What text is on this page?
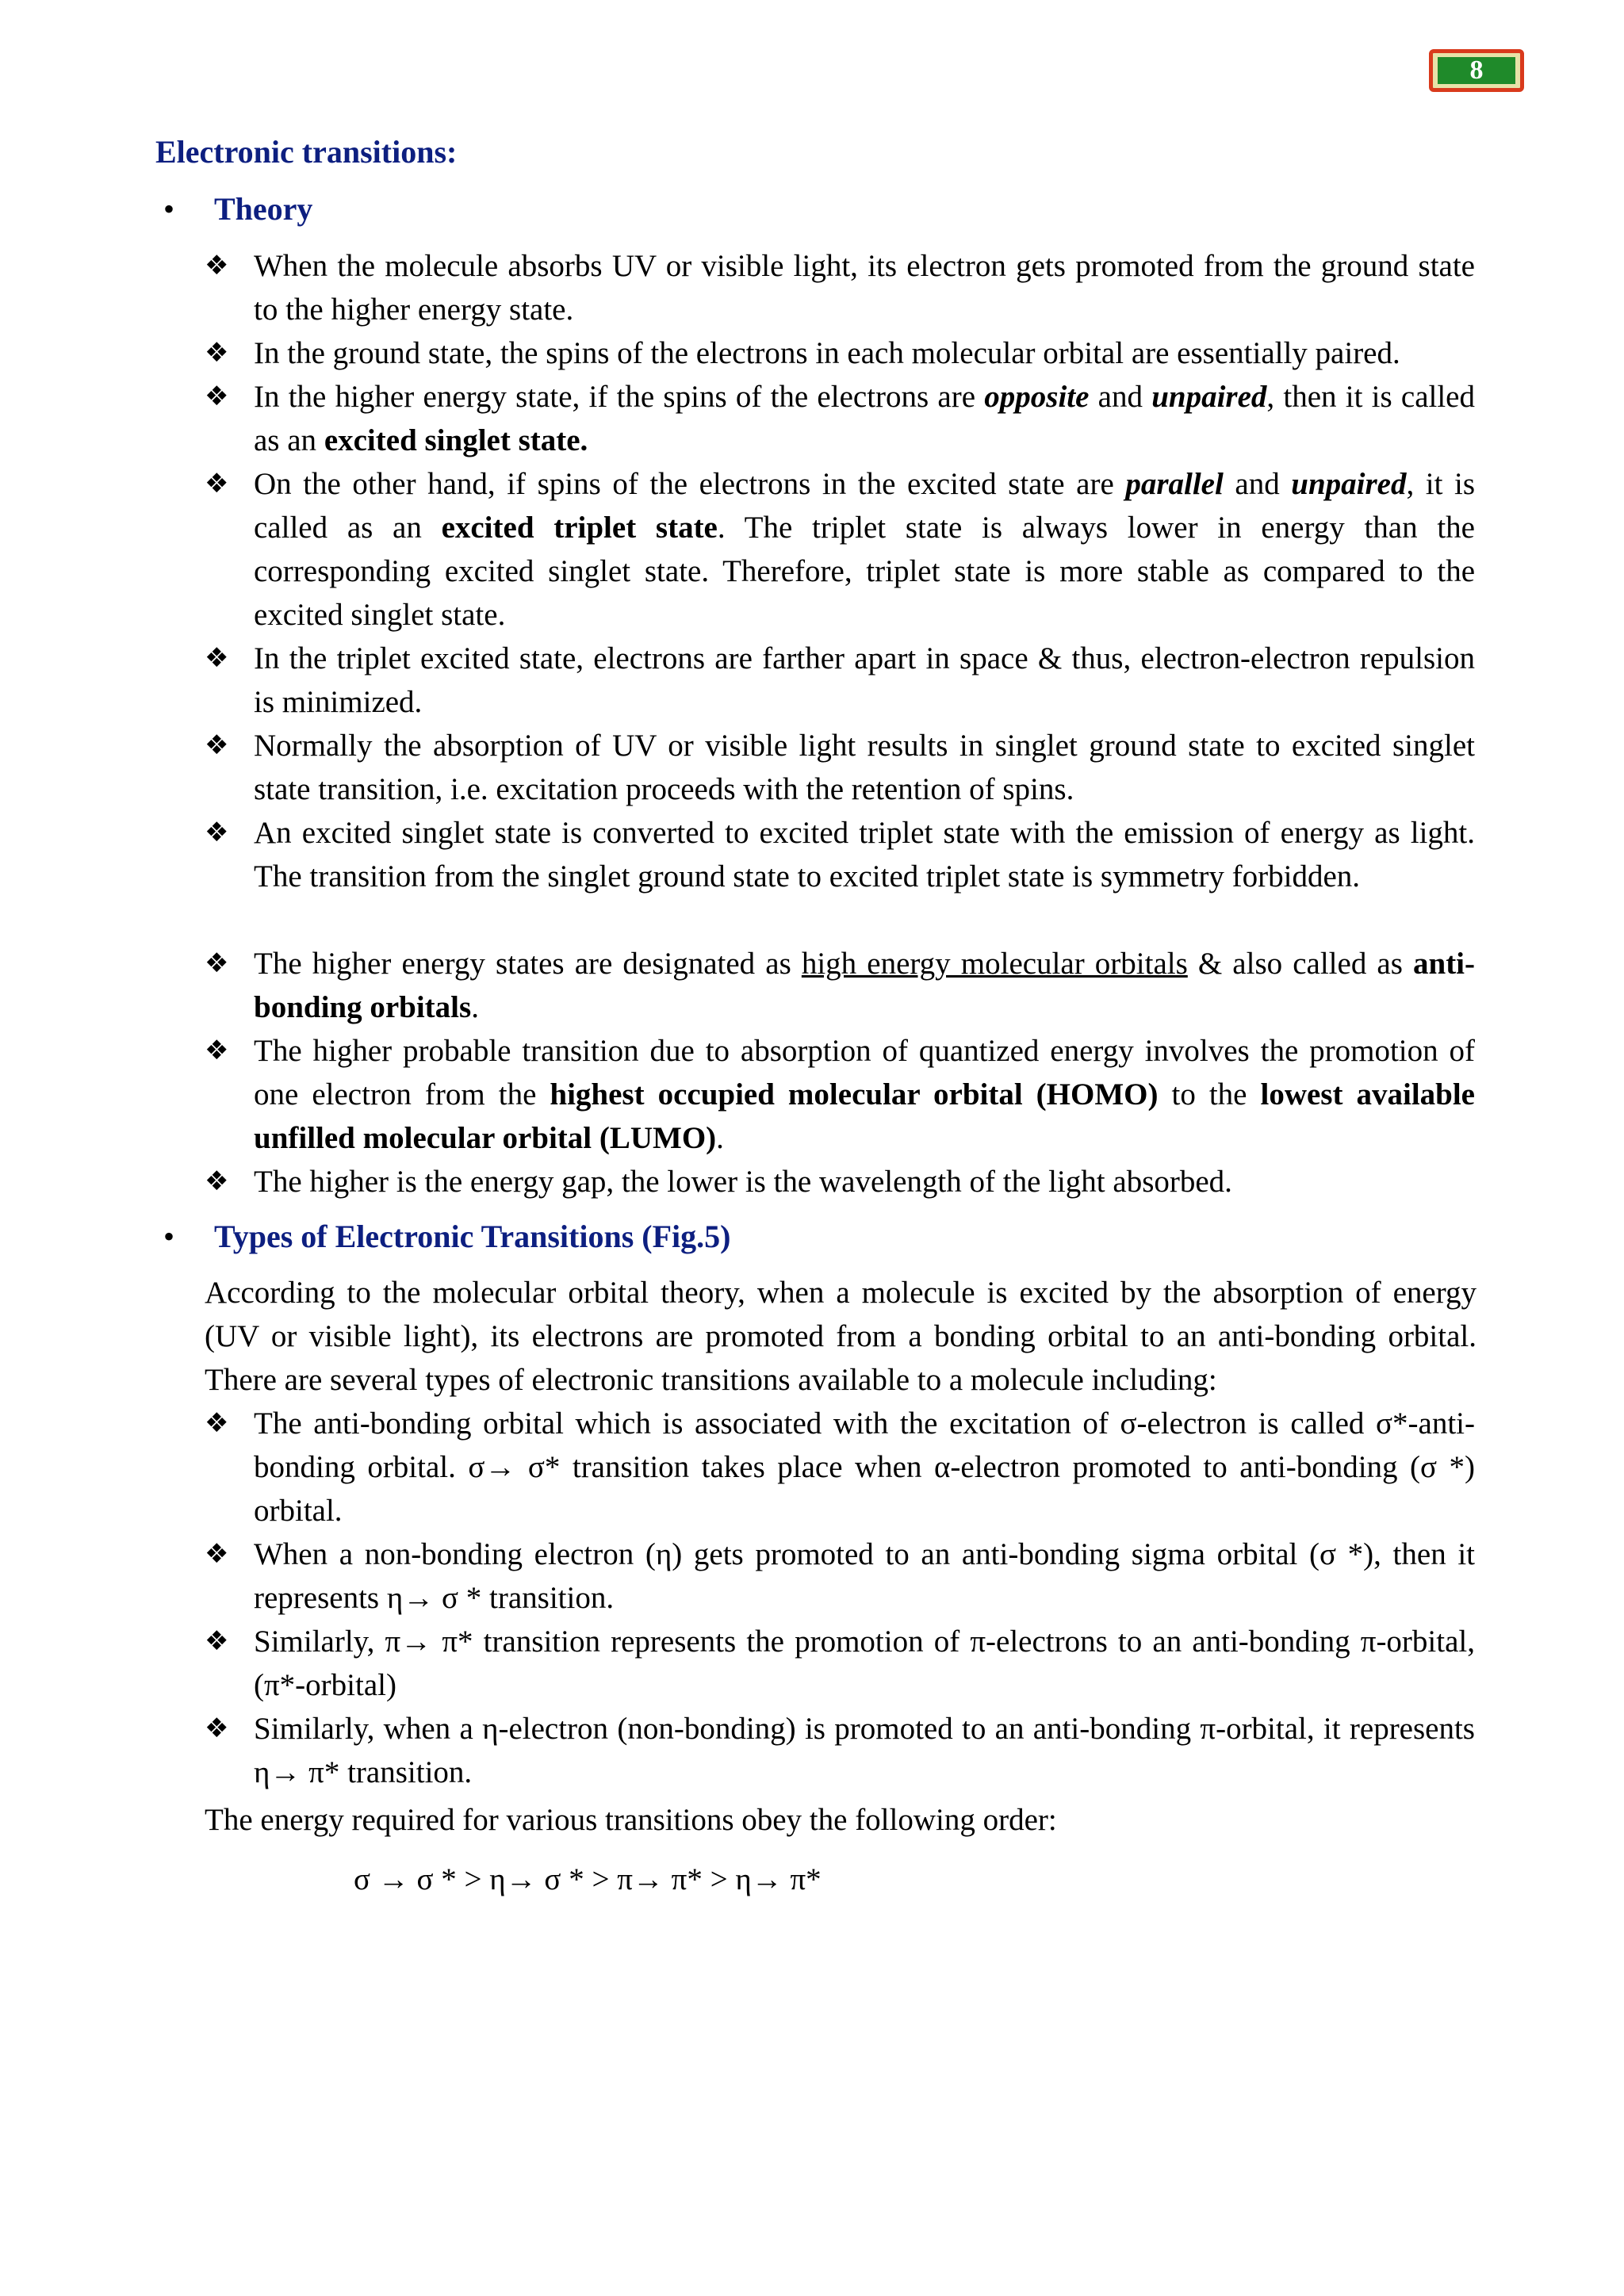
8
Electronic transitions:
• Theory
❖ When the molecule absorbs UV or visible light, its electron gets promoted from the ground state to the higher energy state.
❖ In the ground state, the spins of the electrons in each molecular orbital are essentially paired.
❖ In the higher energy state, if the spins of the electrons are opposite and unpaired, then it is called as an excited singlet state.
❖ On the other hand, if spins of the electrons in the excited state are parallel and unpaired, it is called as an excited triplet state. The triplet state is always lower in energy than the corresponding excited singlet state. Therefore, triplet state is more stable as compared to the excited singlet state.
❖ In the triplet excited state, electrons are farther apart in space & thus, electron-electron repulsion is minimized.
❖ Normally the absorption of UV or visible light results in singlet ground state to excited singlet state transition, i.e. excitation proceeds with the retention of spins.
❖ An excited singlet state is converted to excited triplet state with the emission of energy as light. The transition from the singlet ground state to excited triplet state is symmetry forbidden.
❖ The higher energy states are designated as high energy molecular orbitals & also called as anti-bonding orbitals.
❖ The higher probable transition due to absorption of quantized energy involves the promotion of one electron from the highest occupied molecular orbital (HOMO) to the lowest available unfilled molecular orbital (LUMO).
❖ The higher is the energy gap, the lower is the wavelength of the light absorbed.
• Types of Electronic Transitions (Fig.5)
According to the molecular orbital theory, when a molecule is excited by the absorption of energy (UV or visible light), its electrons are promoted from a bonding orbital to an anti-bonding orbital. There are several types of electronic transitions available to a molecule including:
❖ The anti-bonding orbital which is associated with the excitation of σ-electron is called σ*-anti-bonding orbital. σ→ σ* transition takes place when α-electron promoted to anti-bonding (σ *) orbital.
❖ When a non-bonding electron (η) gets promoted to an anti-bonding sigma orbital (σ *), then it represents η→ σ * transition.
❖ Similarly, π→ π* transition represents the promotion of π-electrons to an anti-bonding π-orbital, (π*-orbital)
❖ Similarly, when a η-electron (non-bonding) is promoted to an anti-bonding π-orbital, it represents η→ π* transition.
The energy required for various transitions obey the following order:
σ → σ * > η→ σ * > π→ π* > η→ π*
